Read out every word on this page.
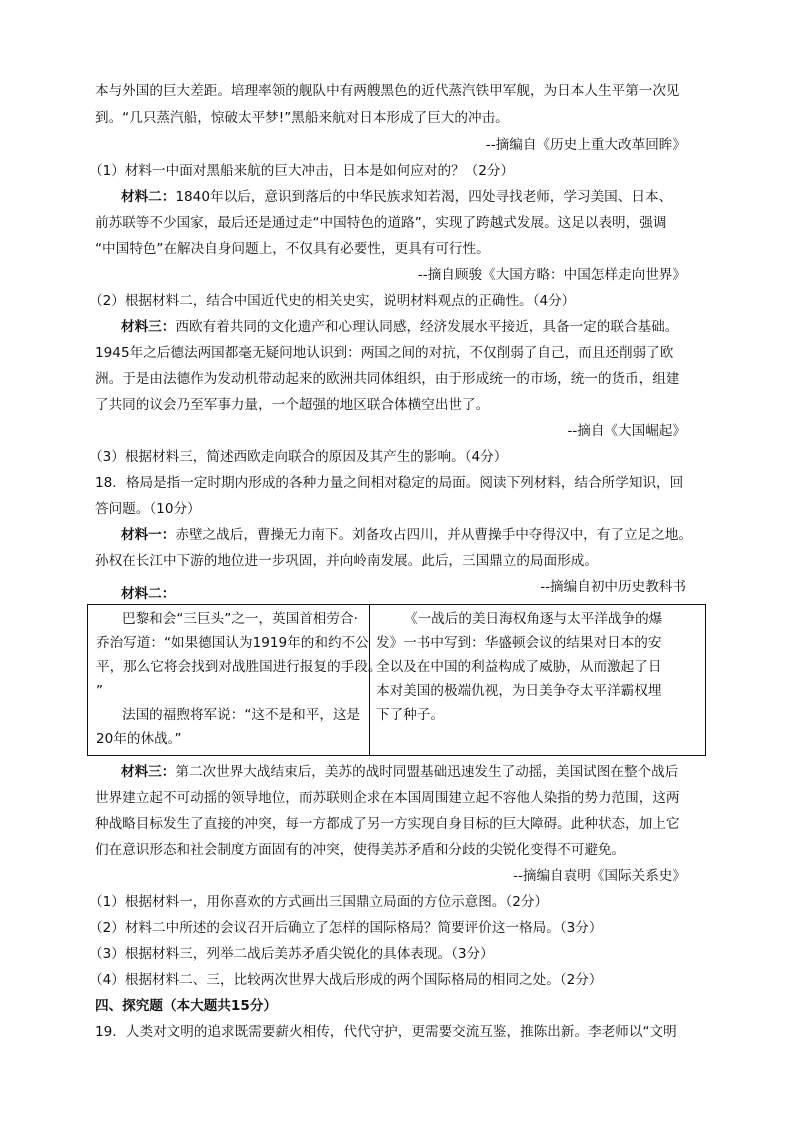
本与外国的巨大差距。培理率领的舰队中有两艘黑色的近代蒸汽铁甲军舰，为日本人生平第一次见
到。“几只蒸汽船，惊破太平梦!”黑船来航对日本形成了巨大的冲击。
--摘编自《历史上重大改革回眸》
（1）材料一中面对黑船来航的巨大冲击，日本是如何应对的？（2分）
材料二：1840年以后，意识到落后的中华民族求知若渴，四处寻找老师，学习美国、日本、
前苏联等不少国家，最后还是通过走“中国特色的道路”，实现了跨越式发展。这足以表明，强调
“中国特色”在解决自身问题上，不仅具有必要性，更具有可行性。
--摘自顾骏《大国方略：中国怎样走向世界》
（2）根据材料二，结合中国近代史的相关史实，说明材料观点的正确性。（4分）
材料三：西欧有着共同的文化遗产和心理认同感，经济发展水平接近，具备一定的联合基础。
1945年之后德法两国都毫无疑问地认识到：两国之间的对抗，不仅削弱了自己，而且还削弱了欧
洲。于是由法德作为发动机带动起来的欧洲共同体组织，由于形成统一的市场，统一的货币，组建
了共同的议会乃至军事力量，一个超强的地区联合体横空出世了。
--摘自《大国崛起》
（3）根据材料三，简述西欧走向联合的原因及其产生的影响。（4分）
18．格局是指一定时期内形成的各种力量之间相对稳定的局面。阅读下列材料，结合所学知识，回
答问题。（10分）
材料一：赤壁之战后，曹操无力南下。刘备攻占四川，并从曹操手中夺得汉中，有了立足之地。
孙权在长江中下游的地位进一步巩固，并向岭南发展。此后，三国鼎立的局面形成。
--摘编自初中历史教科书
材料二：
巴黎和会“三巨头”之一，英国首相劳合·
乔治写道：“如果德国认为1919年的和约不公
平，那么它将会找到对战胜国进行报复的手段。
”
法国的福煦将军说：“这不是和平，这是
20年的休战。”
《一战后的美日海权角逐与太平洋战争的爆
发》一书中写到：华盛顿会议的结果对日本的安
全以及在中国的利益构成了威胁，从而激起了日
本对美国的极端仇视，为日美争夺太平洋霸权埋
下了种子。
材料三：第二次世界大战结束后，美苏的战时同盟基础迅速发生了动摇，美国试图在整个战后
世界建立起不可动摇的领导地位，而苏联则企求在本国周围建立起不容他人染指的势力范围，这两
种战略目标发生了直接的冲突，每一方都成了另一方实现自身目标的巨大障碍。此种状态，加上它
们在意识形态和社会制度方面固有的冲突，使得美苏矛盾和分歧的尖锐化变得不可避免。
--摘编自袁明《国际关系史》
（1）根据材料一，用你喜欢的方式画出三国鼎立局面的方位示意图。（2分）
（2）材料二中所述的会议召开后确立了怎样的国际格局？简要评价这一格局。（3分）
（3）根据材料三，列举二战后美苏矛盾尖锐化的具体表现。（3分）
（4）根据材料二、三，比较两次世界大战后形成的两个国际格局的相同之处。（2分）
四、探究题（本大题共15分）
19．人类对文明的追求既需要薪火相传，代代守护，更需要交流互鉴，推陈出新。李老师以“文明
